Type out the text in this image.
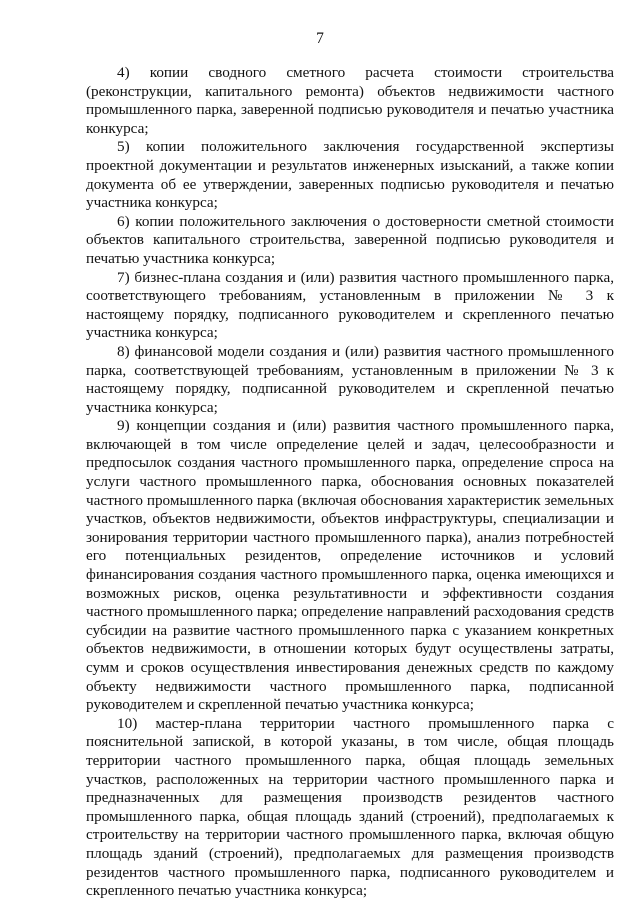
7

4) копии сводного сметного расчета стоимости строительства (реконструкции, капитального ремонта) объектов недвижимости частного промышленного парка, заверенной подписью руководителя и печатью участника конкурса;

5) копии положительного заключения государственной экспертизы проектной документации и результатов инженерных изысканий, а также копии документа об ее утверждении, заверенных подписью руководителя и печатью участника конкурса;

6) копии положительного заключения о достоверности сметной стоимости объектов капитального строительства, заверенной подписью руководителя и печатью участника конкурса;

7) бизнес-плана создания и (или) развития частного промышленного парка, соответствующего требованиям, установленным в приложении № 3 к настоящему порядку, подписанного руководителем и скрепленного печатью участника конкурса;

8) финансовой модели создания и (или) развития частного промышленного парка, соответствующей требованиям, установленным в приложении № 3 к настоящему порядку, подписанной руководителем и скрепленной печатью участника конкурса;

9) концепции создания и (или) развития частного промышленного парка, включающей в том числе определение целей и задач, целесообразности и предпосылок создания частного промышленного парка, определение спроса на услуги частного промышленного парка, обоснования основных показателей частного промышленного парка (включая обоснования характеристик земельных участков, объектов недвижимости, объектов инфраструктуры, специализации и зонирования территории частного промышленного парка), анализ потребностей его потенциальных резидентов, определение источников и условий финансирования создания частного промышленного парка, оценка имеющихся и возможных рисков, оценка результативности и эффективности создания частного промышленного парка; определение направлений расходования средств субсидии на развитие частного промышленного парка с указанием конкретных объектов недвижимости, в отношении которых будут осуществлены затраты, сумм и сроков осуществления инвестирования денежных средств по каждому объекту недвижимости частного промышленного парка, подписанной руководителем и скрепленной печатью участника конкурса;

10) мастер-плана территории частного промышленного парка с пояснительной запиской, в которой указаны, в том числе, общая площадь территории частного промышленного парка, общая площадь земельных участков, расположенных на территории частного промышленного парка и предназначенных для размещения производств резидентов частного промышленного парка, общая площадь зданий (строений), предполагаемых к строительству на территории частного промышленного парка, включая общую площадь зданий (строений), предполагаемых для размещения производств резидентов частного промышленного парка, подписанного руководителем и скрепленного печатью участника конкурса;
